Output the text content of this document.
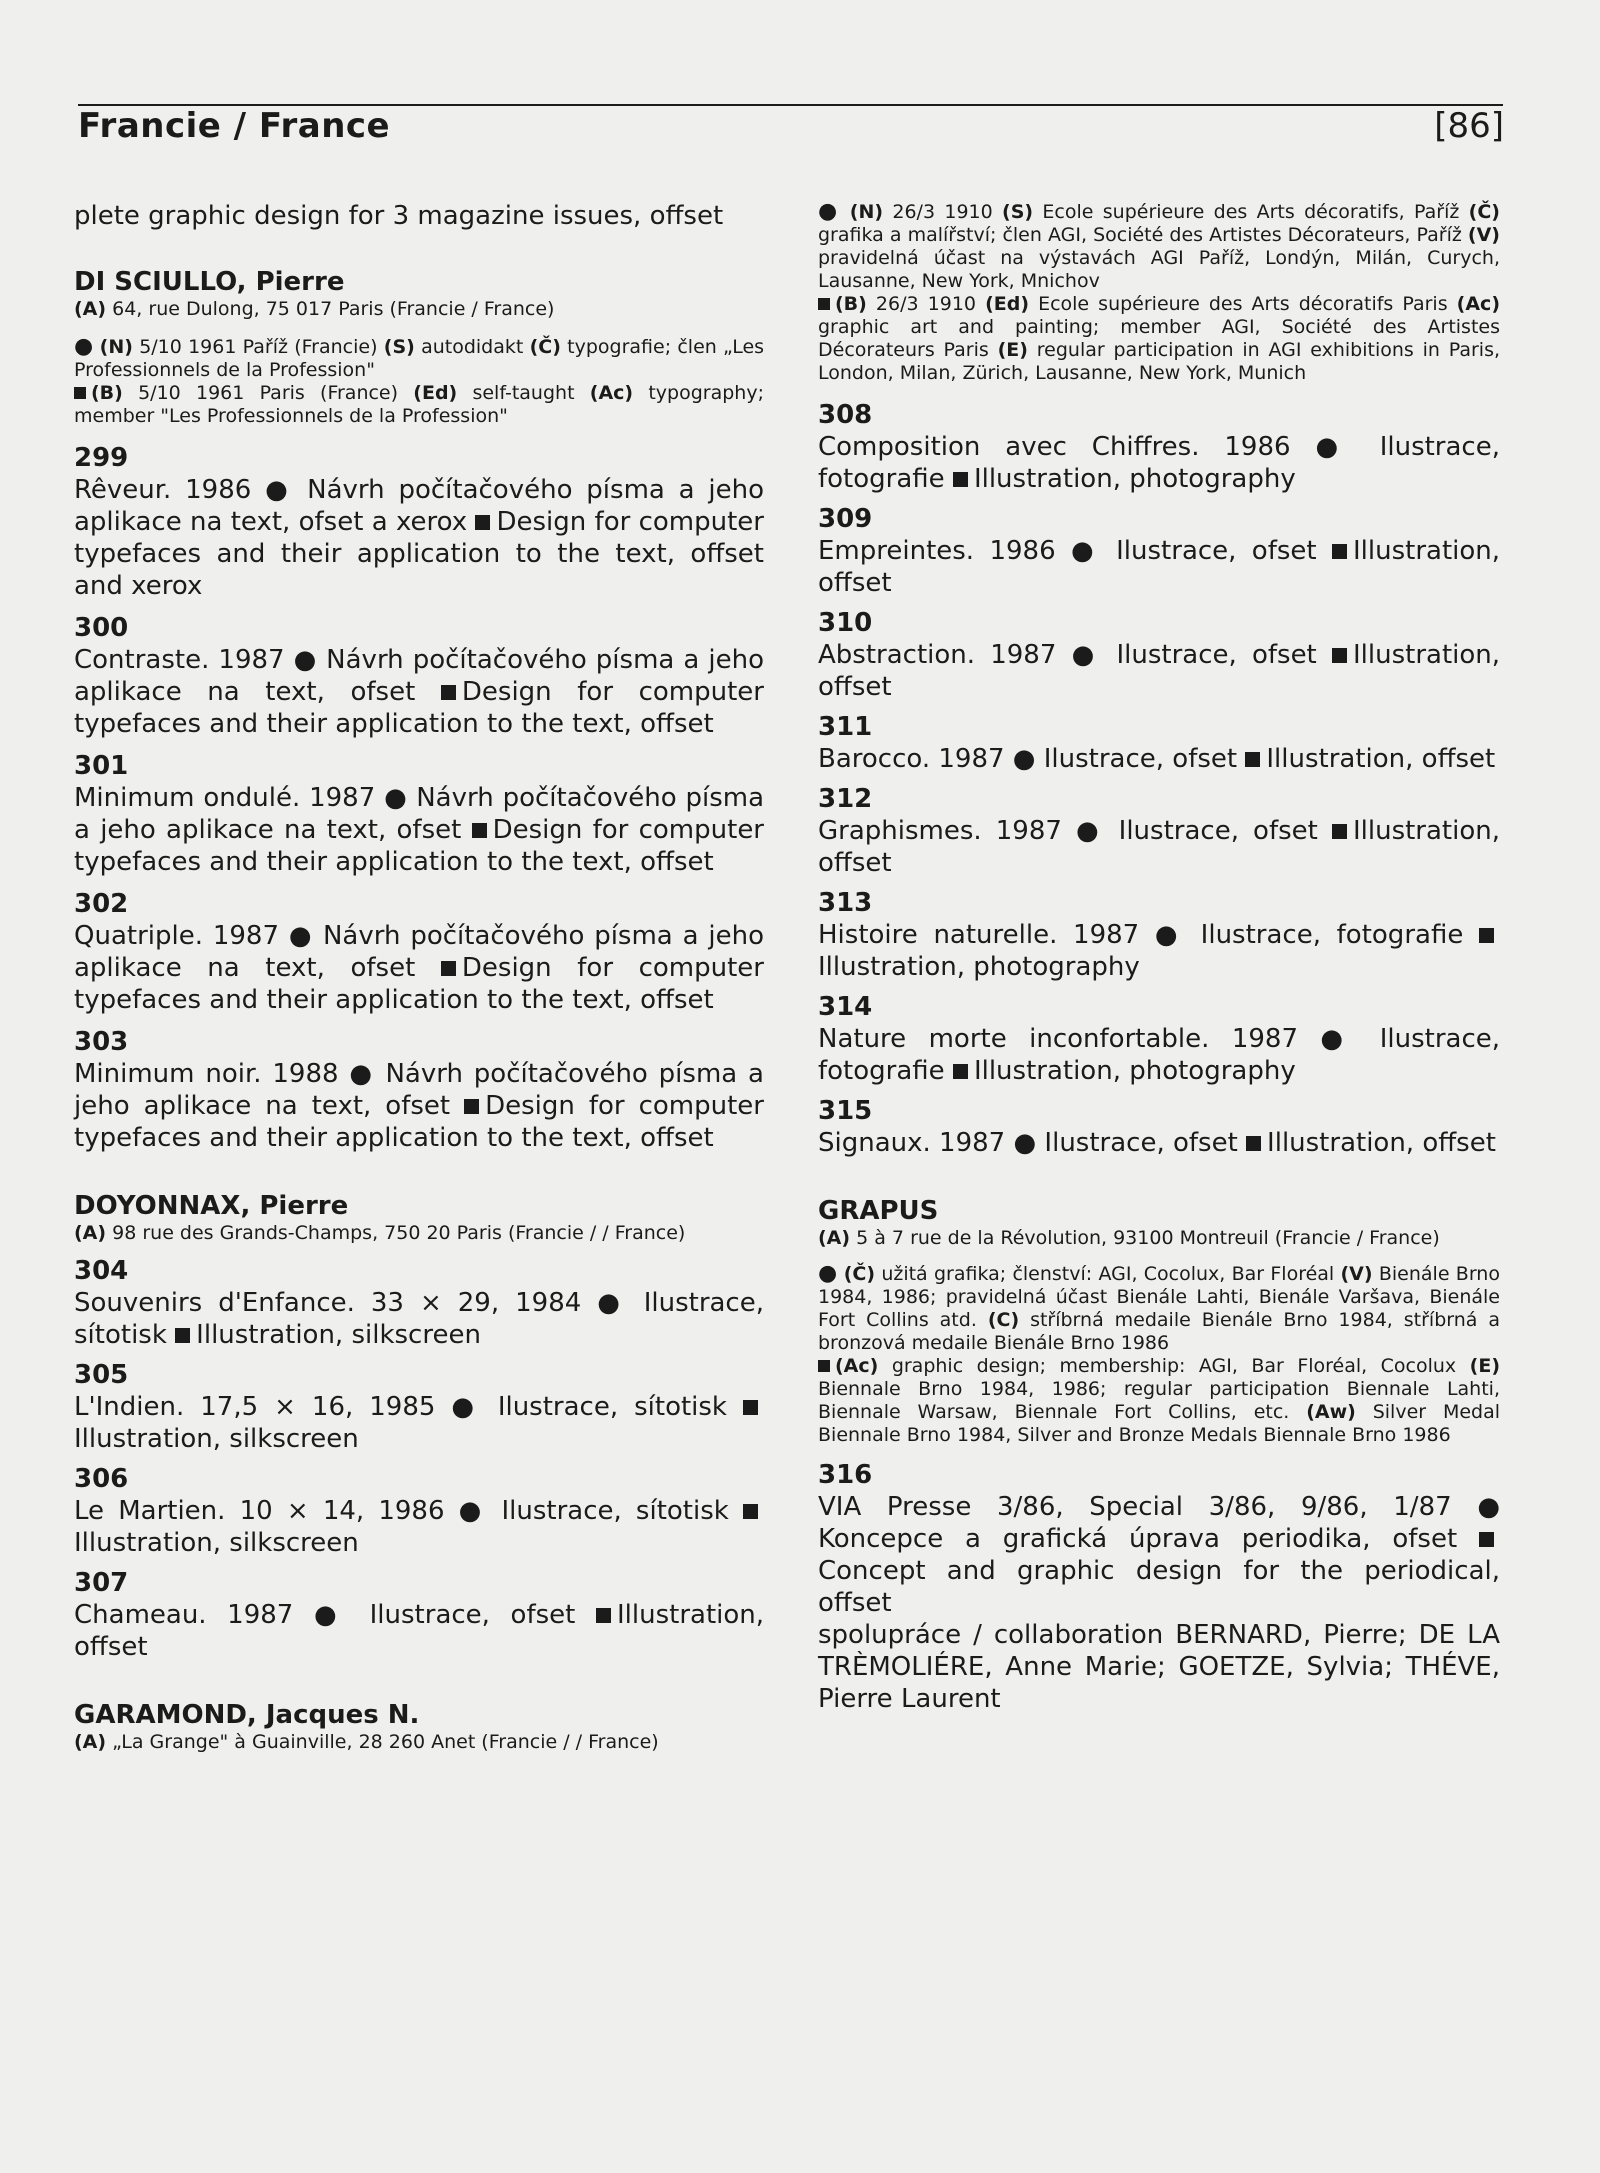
Francie / France	[86]

plete graphic design for 3 magazine issues, offset

DI SCIULLO, Pierre

(A) 64, rue Dulong, 75 017 Paris (Francie / France)

● (N) 5/10 1961 Paříž (Francie) (S) autodidakt (Č) typografie; člen „Les Professionnels de la Profession"

(B) 5/10 1961 Paris (France) (Ed) self-taught (Ac) typography; member "Les Professionnels de la Profession"

299

Rêveur. 1986 ● Návrh počítačového písma a jeho aplikace na text, ofset a xerox Design for computer typefaces and their application to the text, offset and xerox

300

Contraste. 1987 ● Návrh počítačového písma a jeho aplikace na text, ofset Design for computer typefaces and their application to the text, offset

301

Minimum ondulé. 1987 ● Návrh počítačového písma a jeho aplikace na text, ofset Design for computer typefaces and their application to the text, offset

302

Quatriple. 1987 ● Návrh počítačového písma a jeho aplikace na text, ofset Design for computer typefaces and their application to the text, offset

303

Minimum noir. 1988 ● Návrh počítačového písma a jeho aplikace na text, ofset Design for computer typefaces and their application to the text, offset

DOYONNAX, Pierre

(A) 98 rue des Grands-Champs, 750 20 Paris (Francie / / France)

304

Souvenirs d'Enfance. 33 × 29, 1984 ● Ilustrace, sítotisk Illustration, silkscreen

305

L'Indien. 17,5 × 16, 1985 ● Ilustrace, sítotisk Illustration, silkscreen

306

Le Martien. 10 × 14, 1986 ● Ilustrace, sítotisk Illustration, silkscreen

307

Chameau. 1987 ● Ilustrace, ofset Illustration, offset

GARAMOND, Jacques N.

(A) „La Grange" à Guainville, 28 260 Anet (Francie / / France)

● (N) 26/3 1910 (S) Ecole supérieure des Arts décoratifs, Paříž (Č) grafika a malířství; člen AGI, Société des Artistes Décorateurs, Paříž (V) pravidelná účast na výstavách AGI Paříž, Londýn, Milán, Curych, Lausanne, New York, Mnichov

(B) 26/3 1910 (Ed) Ecole supérieure des Arts décoratifs Paris (Ac) graphic art and painting; member AGI, Société des Artistes Décorateurs Paris (E) regular participation in AGI exhibitions in Paris, London, Milan, Zürich, Lausanne, New York, Munich

308

Composition avec Chiffres. 1986 ● Ilustrace, fotografie Illustration, photography

309

Empreintes. 1986 ● Ilustrace, ofset Illustration, offset

310

Abstraction. 1987 ● Ilustrace, ofset Illustration, offset

311

Barocco. 1987 ● Ilustrace, ofset Illustration, offset

312

Graphismes. 1987 ● Ilustrace, ofset Illustration, offset

313

Histoire naturelle. 1987 ● Ilustrace, fotografie Illustration, photography

314

Nature morte inconfortable. 1987 ● Ilustrace, fotografie Illustration, photography

315

Signaux. 1987 ● Ilustrace, ofset Illustration, offset

GRAPUS

(A) 5 à 7 rue de la Révolution, 93100 Montreuil (Francie / France)

● (Č) užitá grafika; členství: AGI, Cocolux, Bar Floréal (V) Bienále Brno 1984, 1986; pravidelná účast Bienále Lahti, Bienále Varšava, Bienále Fort Collins atd. (C) stříbrná medaile Bienále Brno 1984, stříbrná a bronzová medaile Bienále Brno 1986

(Ac) graphic design; membership: AGI, Bar Floréal, Cocolux (E) Biennale Brno 1984, 1986; regular participation Biennale Lahti, Biennale Warsaw, Biennale Fort Collins, etc. (Aw) Silver Medal Biennale Brno 1984, Silver and Bronze Medals Biennale Brno 1986

316

VIA Presse 3/86, Special 3/86, 9/86, 1/87 ● Koncepce a grafická úprava periodika, ofset Concept and graphic design for the periodical, offset

spolupráce / collaboration BERNARD, Pierre; DE LA TRÈMOLIÉRE, Anne Marie; GOETZE, Sylvia; THÉVE, Pierre Laurent
